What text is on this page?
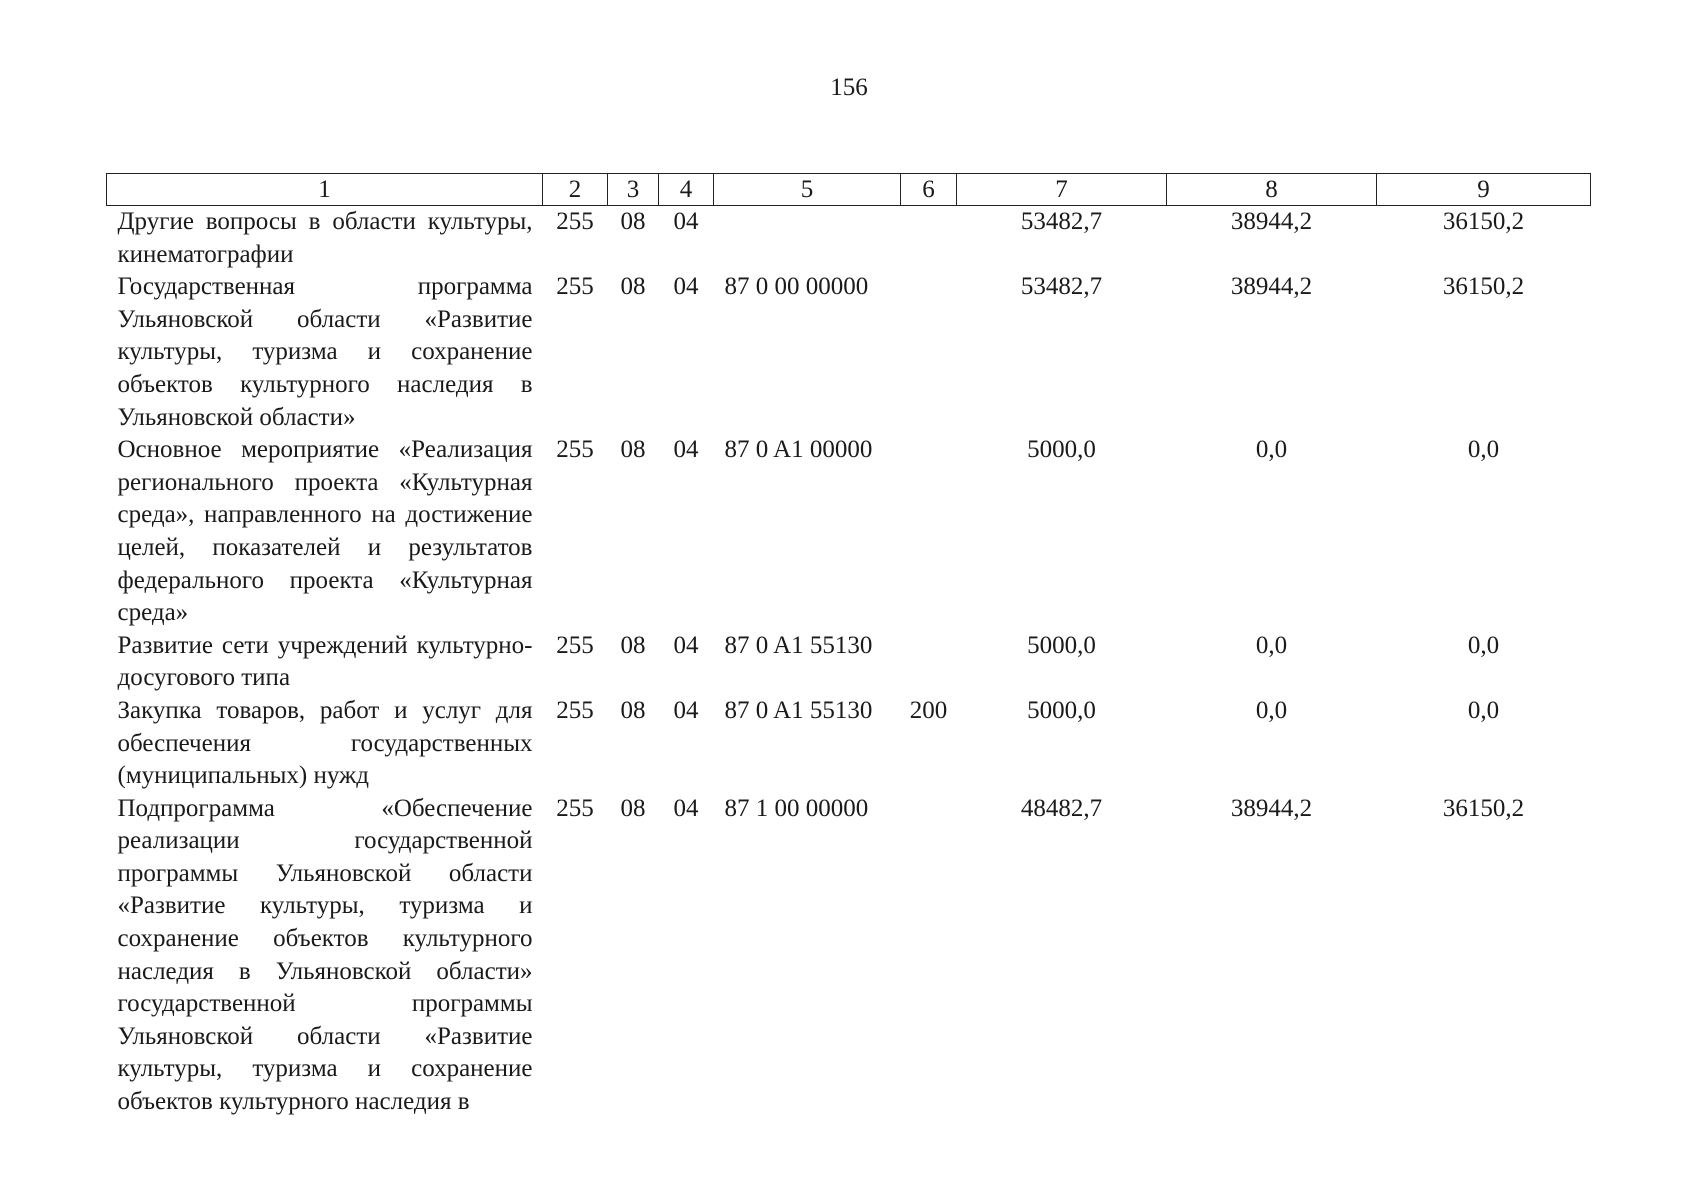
156
1	2	3	4	5	6	7	8	9
Другие вопросы в области культуры, кинематографии	255	08	04			53482,7	38944,2	36150,2
Государственная программа Ульяновской области «Развитие культуры, туризма и сохранение объектов культурного наследия в Ульяновской области»	255	08	04	87 0 00 00000		53482,7	38944,2	36150,2
Основное мероприятие «Реализация регионального проекта «Культурная среда», направленного на достижение целей, показателей и результатов федерального проекта «Культурная среда»	255	08	04	87 0 A1 00000		5000,0	0,0	0,0
Развитие сети учреждений культурно-досугового типа	255	08	04	87 0 A1 55130		5000,0	0,0	0,0
Закупка товаров, работ и услуг для обеспечения государственных (муниципальных) нужд	255	08	04	87 0 A1 55130	200	5000,0	0,0	0,0
Подпрограмма «Обеспечение реализации государственной программы Ульяновской области «Развитие культуры, туризма и сохранение объектов культурного наследия в Ульяновской области» государственной программы Ульяновской области «Развитие культуры, туризма и сохранение объектов культурного наследия в	255	08	04	87 1 00 00000		48482,7	38944,2	36150,2
